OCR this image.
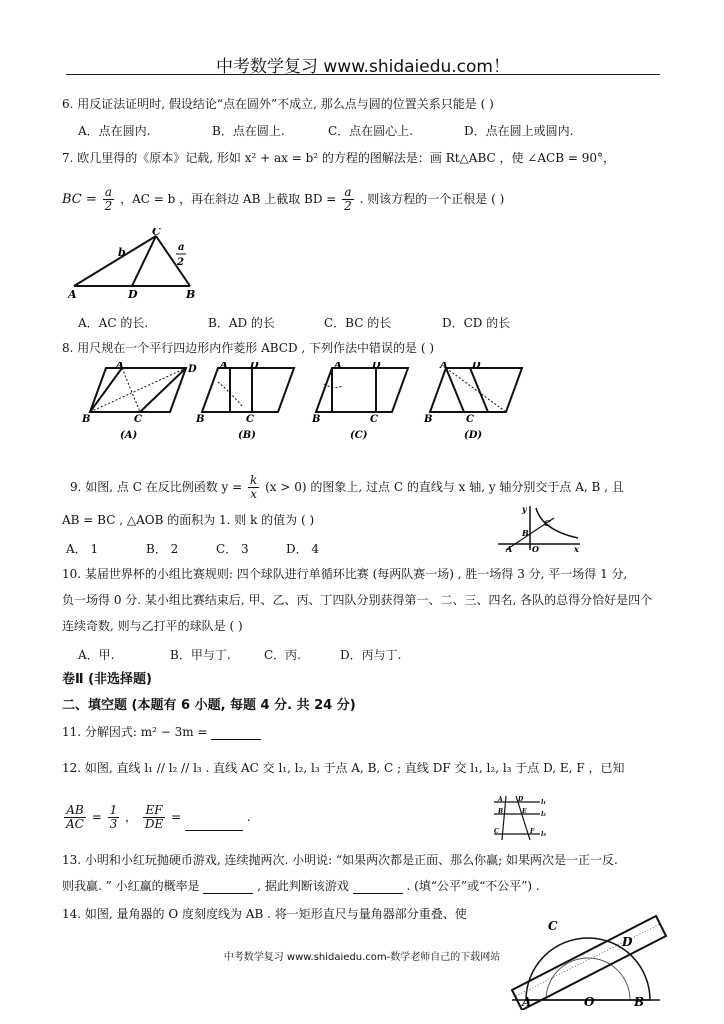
中考数学复习 www.shidaiedu.com！
6. 用反证法证明时, 假设结论“点在圆外”不成立, 那么点与圆的位置关系只能是 ( )
A．点在圆内.	B．点在圆上.	C．点在圆心上.	D．点在圆上或圆内.
7. 欧几里得的《原本》记载, 形如 x² + ax = b² 的方程的图解法是：画 Rt△ABC ，使 ∠ACB = 90°，
BC = $\frac{a}{2}$ ，AC = b ，再在斜边 AB 上截取 BD = $\frac{a}{2}$ . 则该方程的一个正根是 ( )
A	B
C
D
b	a
2
A．AC 的长.	B．AD 的长	C．BC 的长	D．CD 的长
8. 用尺规在一个平行四边形内作菱形 ABCD , 下列作法中错误的是 ( )
A
B	C
D
(A)
A
B	C
D
(B)
A
B	C
D
(C)
A
B	C
D
(D)
9. 如图, 点 C 在反比例函数 $y = \frac{k}{x} (x > 0)$ 的图象上, 过点 C 的直线与 x 轴, y 轴分别交于点 A, B , 且
AB = BC , △AOB 的面积为 1. 则 k 的值为 ( )
A． 1	B． 2	C． 3	D． 4
y
x
O
A
B
C
10. 某届世界杯的小组比赛规则: 四个球队进行单循环比赛 (每两队赛一场) , 胜一场得 3 分, 平一场得 1 分,
负一场得 0 分. 某小组比赛结束后, 甲、乙、丙、丁四队分别获得第一、二、三、四名, 各队的总得分恰好是四个
连续奇数, 则与乙打平的球队是 ( )
A．甲.	B．甲与丁.	C．丙.	D．丙与丁.
卷Ⅱ (非选择题)
二、填空题 (本题有 6 小题, 每题 4 分. 共 24 分)
11. 分解因式: m² − 3m =
12. 如图, 直线 l₁ // l₂ // l₃ . 直线 AC 交 l₁, l₂, l₃ 于点 A, B, C ; 直线 DF 交 l₁, l₂, l₃ 于点 D, E, F ，已知
$\frac{AB}{AC} = \frac{1}{3}$ ， $\frac{EF}{DE}$ =	.
A
B
C
D
E
F
l₁
l₂
l₃
13. 小明和小红玩抛硬币游戏, 连续抛两次. 小明说: “如果两次都是正面、那么你赢; 如果两次是一正一反.
则我赢. ” 小红赢的概率是	, 据此判断该游戏	. (填“公平”或“不公平”) .
14. 如图, 量角器的 O 度刻度线为 AB . 将一矩形直尺与量角器部分重叠、使
C
D
A	O	B
中考数学复习 www.shidaiedu.com-数学老师自己的下载网站
